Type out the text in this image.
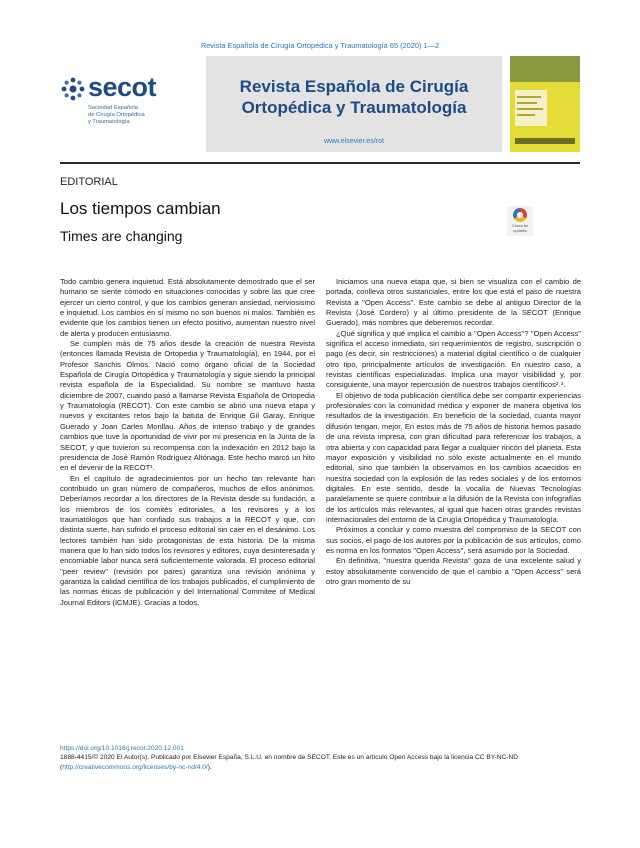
Revista Española de Cirugía Ortopédica y Traumatología 65 (2020) 1—2
secot
Sociedad Española
de Cirugía Ortopédica
y Traumatología
Revista Española de Cirugía
Ortopédica y Traumatología
www.elsevier.es/rot
EDITORIAL
Los tiempos cambian
Times are changing
Check for updates

Todo cambio genera inquietud. Está absolutamente demostrado que el ser humano se siente cómodo en situaciones conocidas y sobre las que cree ejercer un cierto control, y que los cambios generan ansiedad, nerviosismo e inquietud. Los cambios en sí mismo no son buenos ni malos. También es evidente que los cambios tienen un efecto positivo, aumentan nuestro nivel de alerta y producen entusiasmo.

Se cumplen más de 75 años desde la creación de nuestra Revista (entonces llamada Revista de Ortopedia y Traumatología), en 1944, por el Profesor Sanchis Olmos. Nació como órgano oficial de la Sociedad Española de Cirugía Ortopédica y Traumatología y sigue siendo la principal revista española de la Especialidad. Su nombre se mantuvo hasta diciembre de 2007, cuando pasó a llamarse Revista Española de Ortopedia y Traumatología (RECOT). Con este cambio se abrió una nueva etapa y nuevos y excitantes retos bajo la batuta de Enrique Gil Garay, Enrique Guerado y Joan Carles Monllau. Años de intenso trabajo y de grandes cambios que tuve la oportunidad de vivir por mi presencia en la Junta de la SECOT, y que tuvieron su recompensa con la indexación en 2012 bajo la presidencia de José Ramón Rodríguez Altónaga. Este hecho marcó un hito en el devenir de la RECOT¹.

En el capítulo de agradecimientos por un hecho tan relevante han contribuido un gran número de compañeros, muchos de ellos anónimos. Deberíamos recordar a los directores de la Revista desde su fundación, a los miembros de los comités editoriales, a los revisores y a los traumatólogos que han confiado sus trabajos a la RECOT y que, con distinta suerte, han sufrido el proceso editorial sin caer en el desánimo. Los lectores también han sido protagonistas de esta historia. De la misma manera que lo han sido todos los revisores y editores, cuya desinteresada y encomiable labor nunca será suficientemente valorada. El proceso editorial ''peer review'' (revisión por pares) garantiza una revisión anónima y garantiza la calidad científica de los trabajos publicados, el cumplimiento de las normas éticas de publicación y del International Commitee of Medical Journal Editors (ICMJE). Gracias a todos.

Iniciamos una nueva etapa que, si bien se visualiza con el cambio de portada, conlleva otros sustanciales, entre los que está el paso de nuestra Revista a ''Open Access''. Este cambio se debe al antiguo Director de la Revista (José Cordero) y al último presidente de la SECOT (Enrique Guerado), más nombres que deberemos recordar.

¿Qué significa y qué implica el cambio a ''Open Access''? ''Open Access'' significa el acceso inmediato, sin requerimientos de registro, suscripción o pago (es decir, sin restricciones) a material digital científico o de cualquier otro tipo, principalmente artículos de investigación. En nuestro caso, a revistas científicas especializadas. Implica una mayor visibilidad y, por consiguiente, una mayor repercusión de nuestros trabajos científicos²˒³.

El objetivo de toda publicación científica debe ser compartir experiencias profesionales con la comunidad médica y exponer de manera objetiva los resultados de la investigación. En beneficio de la sociedad, cuanta mayor difusión tengan, mejor. En estos más de 75 años de historia hemos pasado de una revista impresa, con gran dificultad para referenciar los trabajos, a otra abierta y con capacidad para llegar a cualquier rincón del planeta. Esta mayor exposición y visibilidad no sólo existe actualmente en el mundo editorial, sino que también la observamos en los cambios acaecidos en nuestra sociedad con la explosión de las redes sociales y de los entornos digitales. En este sentido, desde la vocalía de Nuevas Tecnologías paralelamente se quiere contribuir a la difusión de la Revista con infografías de los artículos más relevantes, al igual que hacen otras grandes revistas internacionales del entorno de la Cirugía Ortopédica y Traumatología.

Próximos a concluir y como muestra del compromiso de la SECOT con sus socios, el pago de los autores por la publicación de sus artículos, como es norma en los formatos ''Open Access'', será asumido por la Sociedad.

En definitiva, ''nuestra querida Revista'' goza de una excelente salud y estoy absolutamente convencido de que el cambio a ''Open Access'' será otro gran momento de su

https://doi.org/10.1016/j.recot.2020.12.001
1888-4415/© 2020 El Autor(s). Publicado por Elsevier España, S.L.U. en nombre de SECOT. Este es un artículo Open Access bajo la licencia CC BY-NC-ND (http://creativecommons.org/licenses/by-nc-nd/4.0/).
